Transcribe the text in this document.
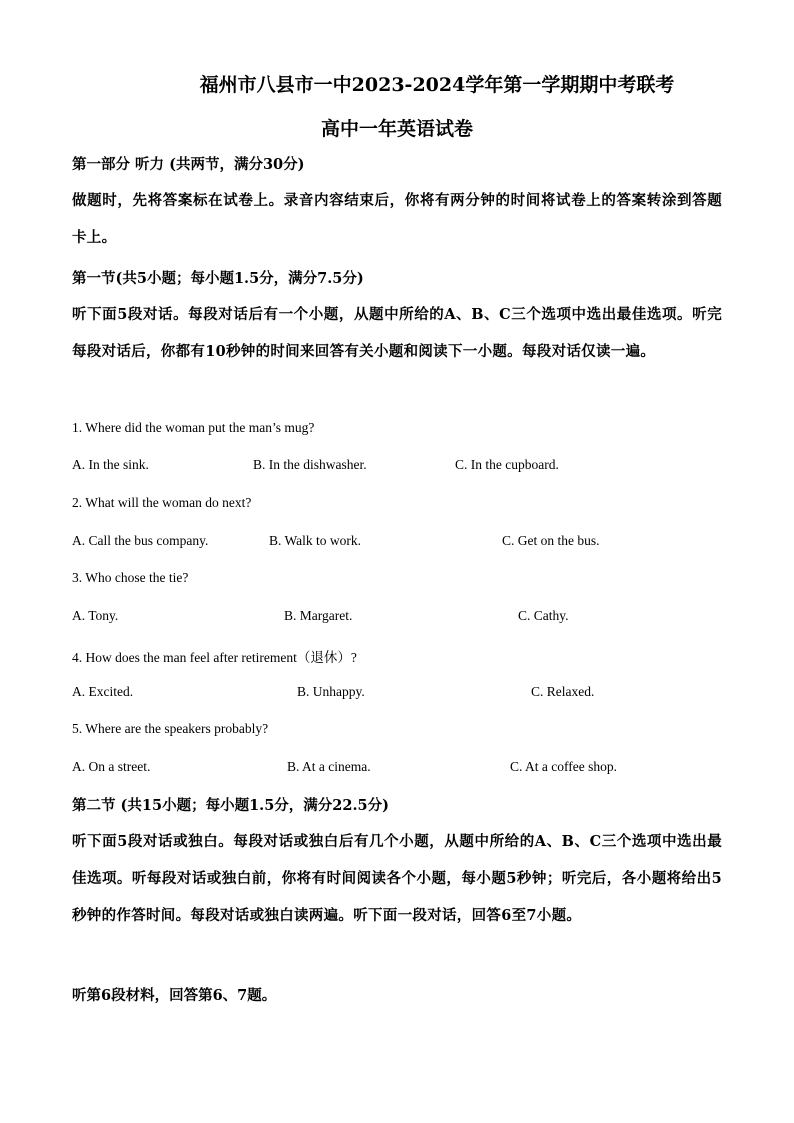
福州市八县市一中2023-2024学年第一学期期中考联考
高中一年英语试卷
第一部分 听力 (共两节，满分30分)
做题时，先将答案标在试卷上。录音内容结束后，你将有两分钟的时间将试卷上的答案转涂到答题卡上。
第一节(共5小题；每小题1.5分，满分7.5分)
听下面5段对话。每段对话后有一个小题，从题中所给的A、B、C三个选项中选出最佳选项。听完每段对话后，你都有10秒钟的时间来回答有关小题和阅读下一小题。每段对话仅读一遍。
1. Where did the woman put the man’s mug?
A. In the sink.	B. In the dishwasher.	C. In the cupboard.
2. What will the woman do next?
A. Call the bus company.	B. Walk to work.	C. Get on the bus.
3. Who chose the tie?
A. Tony.	B. Margaret.	C. Cathy.
4. How does the man feel after retirement（退休）?
A. Excited.	B. Unhappy.	C. Relaxed.
5. Where are the speakers probably?
A. On a street.	B. At a cinema.	C. At a coffee shop.
第二节 (共15小题；每小题1.5分，满分22.5分)
听下面5段对话或独白。每段对话或独白后有几个小题，从题中所给的A、B、C三个选项中选出最佳选项。听每段对话或独白前，你将有时间阅读各个小题，每小题5秒钟；听完后，各小题将给出5秒钟的作答时间。每段对话或独白读两遍。听下面一段对话，回答6至7小题。
听第6段材料，回答第6、7题。
